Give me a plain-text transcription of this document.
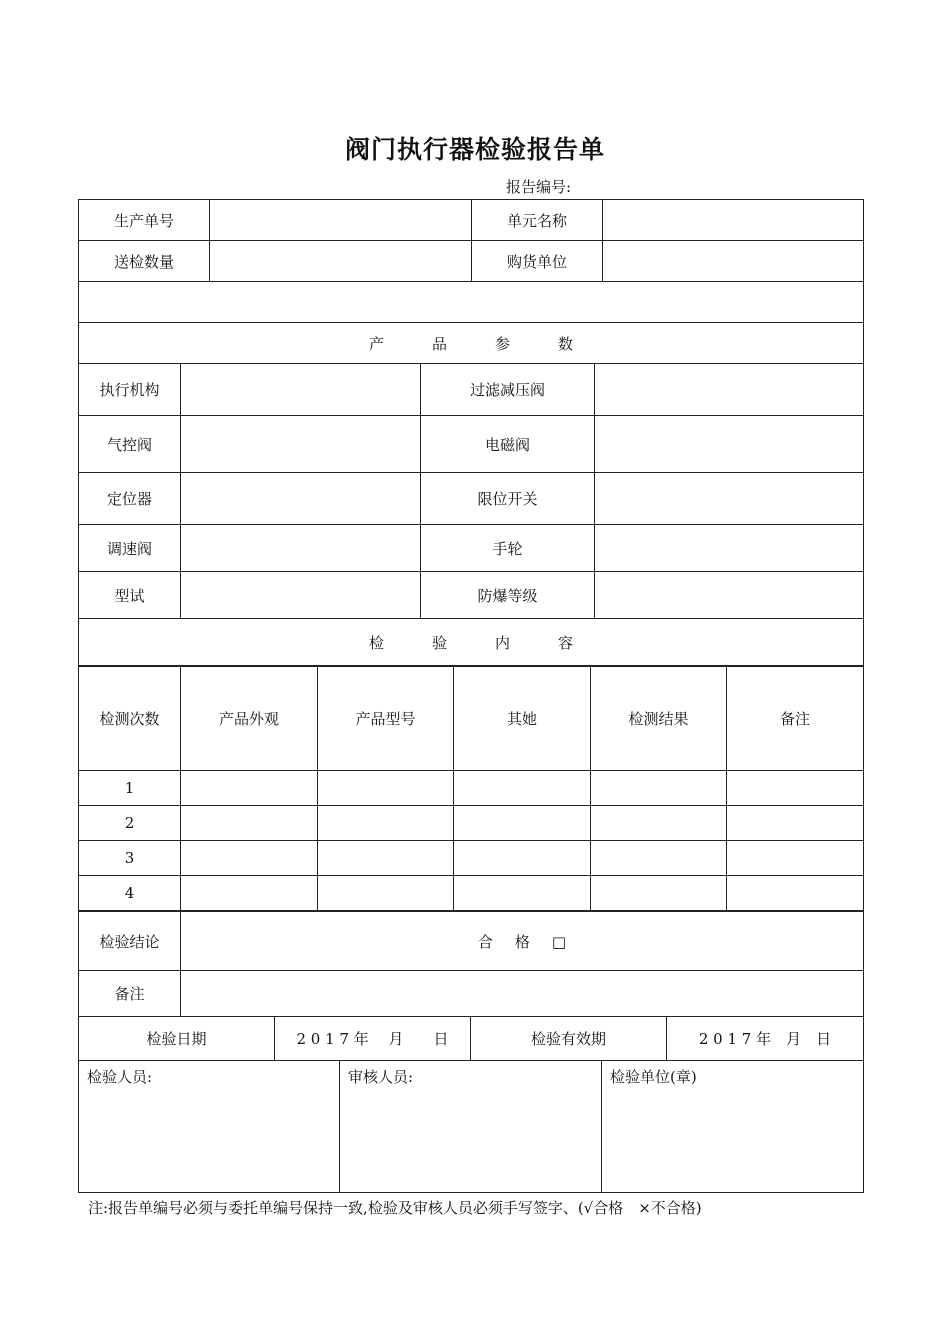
阀门执行器检验报告单
报告编号:
生产单号		单元名称	
送检数量		购货单位	

产 品 参 数			
执行机构		过滤减压阀	
气控阀		电磁阀	
定位器		限位开关	
调速阀		手轮	
型试		防爆等级	
检 验 内 容			
检测次数	产品外观	产品型号	其她	检测结果	备注
1					
2					
3					
4					
检验结论	合 格 □
备注	
检验日期	2 0 1 7 年　 月　　日	检验有效期	2 0 1 7 年　月　日
检验人员:	审核人员:	检验单位(章)
注:报告单编号必须与委托单编号保持一致,检验及审核人员必须手写签字、(√合格　×不合格)
